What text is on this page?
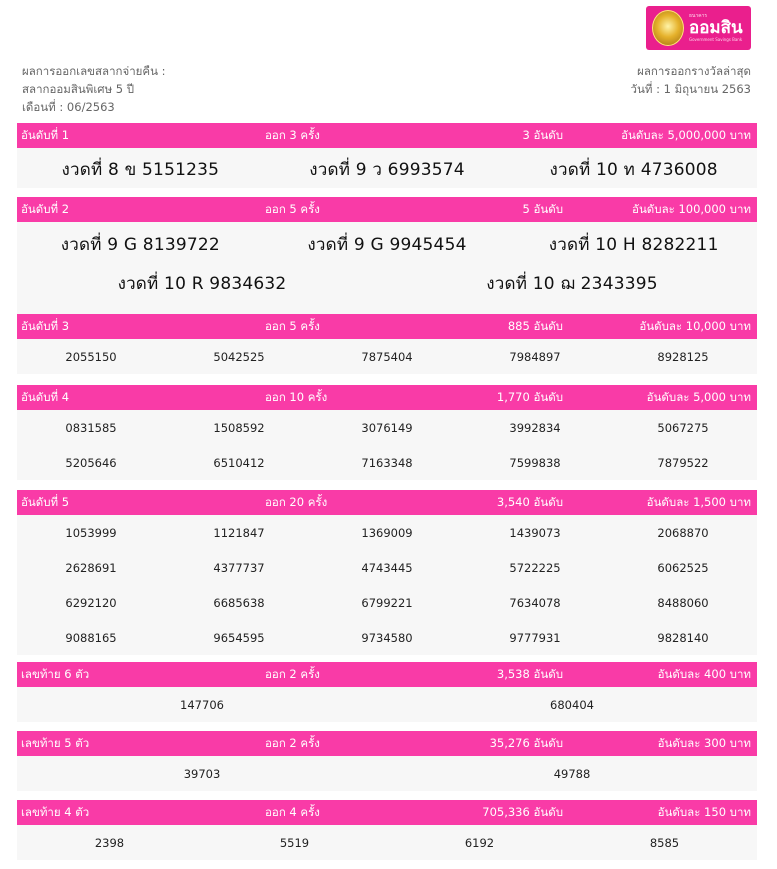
ธนาคาร
ออมสิน
Government Savings Bank
ผลการออกเลขสลากจ่ายคืน :
สลากออมสินพิเศษ 5 ปี
เดือนที่ : 06/2563
ผลการออกรางวัลล่าสุด
วันที่ : 1 มิถุนายน 2563
อันดับที่ 1	ออก 3 ครั้ง	3 อันดับ	อันดับละ 5,000,000 บาท
งวดที่ 8 ข 5151235	งวดที่ 9 ว 6993574	งวดที่ 10 ท 4736008
อันดับที่ 2	ออก 5 ครั้ง	5 อันดับ	อันดับละ 100,000 บาท
งวดที่ 9 G 8139722	งวดที่ 9 G 9945454	งวดที่ 10 H 8282211
งวดที่ 10 R 9834632	งวดที่ 10 ฌ 2343395
อันดับที่ 3	ออก 5 ครั้ง	885 อันดับ	อันดับละ 10,000 บาท
2055150	5042525	7875404	7984897	8928125
อันดับที่ 4	ออก 10 ครั้ง	1,770 อันดับ	อันดับละ 5,000 บาท
0831585	1508592	3076149	3992834	5067275
5205646	6510412	7163348	7599838	7879522
อันดับที่ 5	ออก 20 ครั้ง	3,540 อันดับ	อันดับละ 1,500 บาท
1053999	1121847	1369009	1439073	2068870
2628691	4377737	4743445	5722225	6062525
6292120	6685638	6799221	7634078	8488060
9088165	9654595	9734580	9777931	9828140
เลขท้าย 6 ตัว	ออก 2 ครั้ง	3,538 อันดับ	อันดับละ 400 บาท
147706	680404
เลขท้าย 5 ตัว	ออก 2 ครั้ง	35,276 อันดับ	อันดับละ 300 บาท
39703	49788
เลขท้าย 4 ตัว	ออก 4 ครั้ง	705,336 อันดับ	อันดับละ 150 บาท
2398	5519	6192	8585
